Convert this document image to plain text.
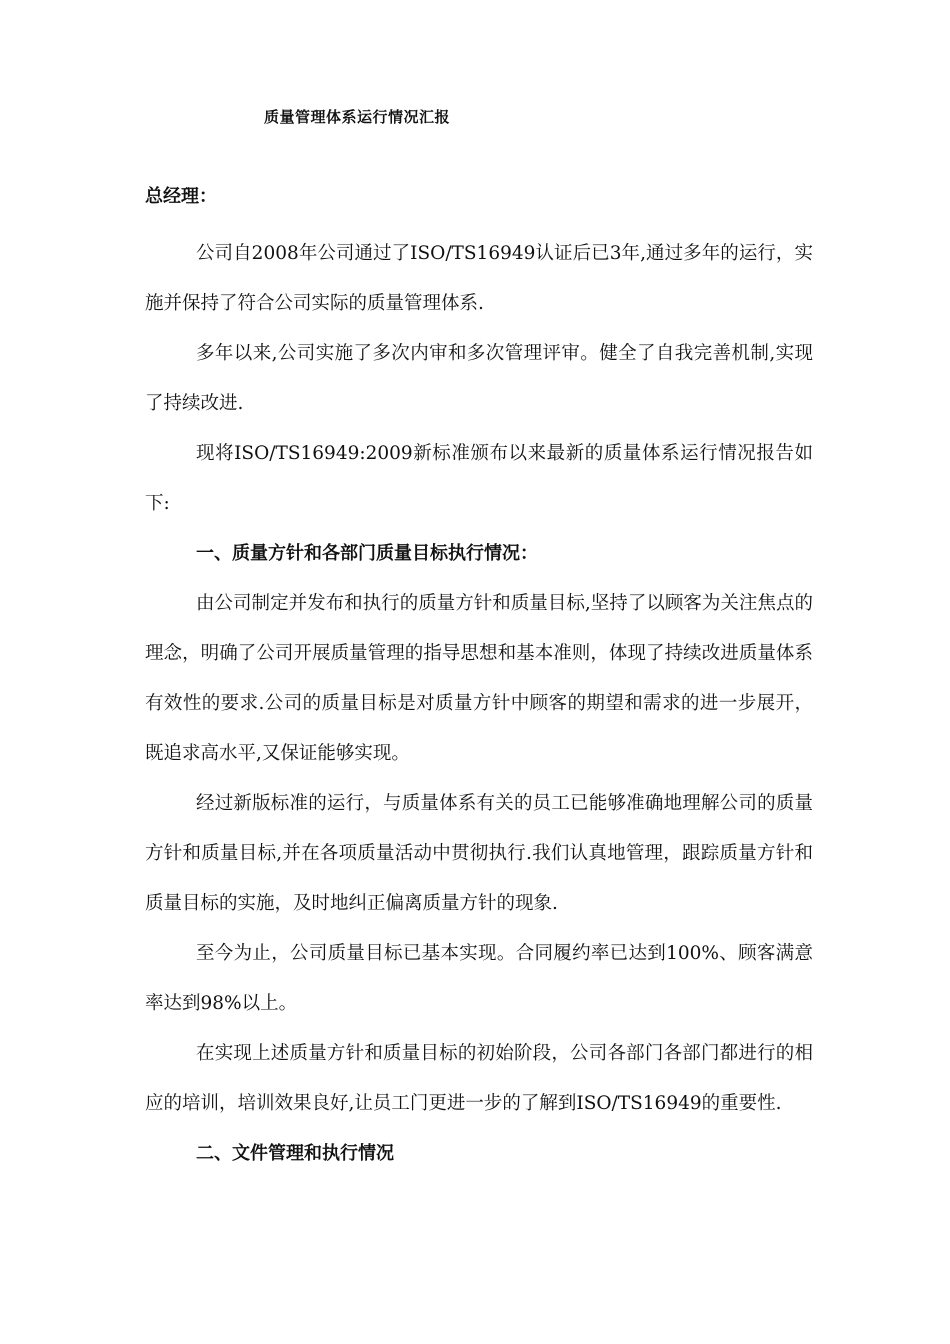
质量管理体系运行情况汇报
总经理：

公司自2008年公司通过了ISO/TS16949认证后已3年,通过多年的运行，实施并保持了符合公司实际的质量管理体系.

多年以来,公司实施了多次内审和多次管理评审。健全了自我完善机制,实现了持续改进.

现将ISO/TS16949:2009新标准颁布以来最新的质量体系运行情况报告如下:

一、质量方针和各部门质量目标执行情况：

由公司制定并发布和执行的质量方针和质量目标,坚持了以顾客为关注焦点的理念，明确了公司开展质量管理的指导思想和基本准则，体现了持续改进质量体系有效性的要求.公司的质量目标是对质量方针中顾客的期望和需求的进一步展开，既追求高水平,又保证能够实现。

经过新版标准的运行，与质量体系有关的员工已能够准确地理解公司的质量方针和质量目标,并在各项质量活动中贯彻执行.我们认真地管理，跟踪质量方针和质量目标的实施，及时地纠正偏离质量方针的现象.

至今为止，公司质量目标已基本实现。合同履约率已达到100%、顾客满意率达到98%以上。

在实现上述质量方针和质量目标的初始阶段，公司各部门各部门都进行的相应的培训，培训效果良好,让员工门更进一步的了解到ISO/TS16949的重要性.

二、文件管理和执行情况
